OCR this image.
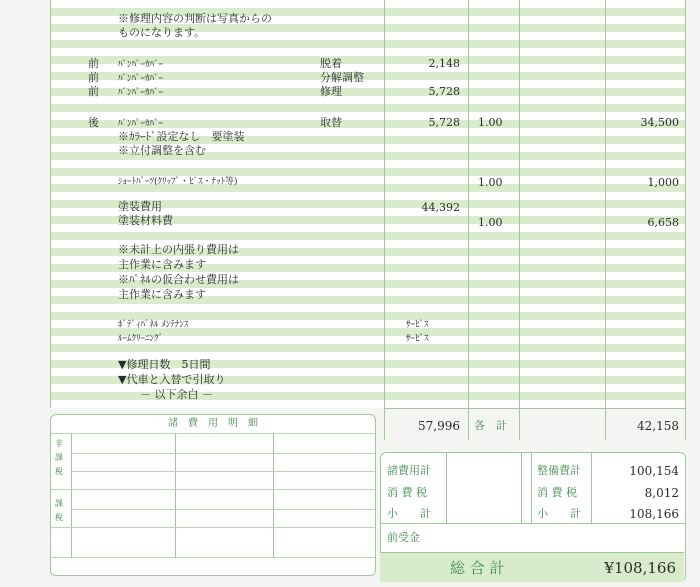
※修理内容の判断は写真からの
ものになります。
前 ﾊﾞﾝﾊﾟｰｶﾊﾞｰ	脱着	2,148
前 ﾊﾞﾝﾊﾟｰｶﾊﾞｰ	分解調整
前 ﾊﾞﾝﾊﾟｰｶﾊﾞｰ	修理	5,728
後 ﾊﾞﾝﾊﾟｰｶﾊﾞｰ	取替	5,728 1.00	34,500
※ｶﾗｰﾄﾞ設定なし　要塗装
※立付調整を含む
ｼｮｰﾄﾊﾟｰﾂ(ｸﾘｯﾌﾟ・ﾋﾞｽ・ﾅｯﾄ等)	1.00	1,000
塗装費用	44,392
塗装材料費	1.00	6,658
※未計上の内張り費用は
主作業に含みます
※ﾊﾟﾈﾙの仮合わせ費用は
主作業に含みます
ﾎﾞﾃﾞｨﾊﾟﾈﾙ ﾒﾝﾃﾅﾝｽ	ｻｰﾋﾞｽ
ﾙｰﾑｸﾘｰﾆﾝｸﾞ	ｻｰﾋﾞｽ
▼修理日数　5日間
▼代車と入替で引取り
－ 以下余白 －
57,996 各　計	42,158
諸　費　用　明　細
非課税
課税
諸費用計
消 費 税
小　　計
整備費計	100,154
消 費 税	8,012
小　　計	108,166
前受金
総 合 計	¥108,166
